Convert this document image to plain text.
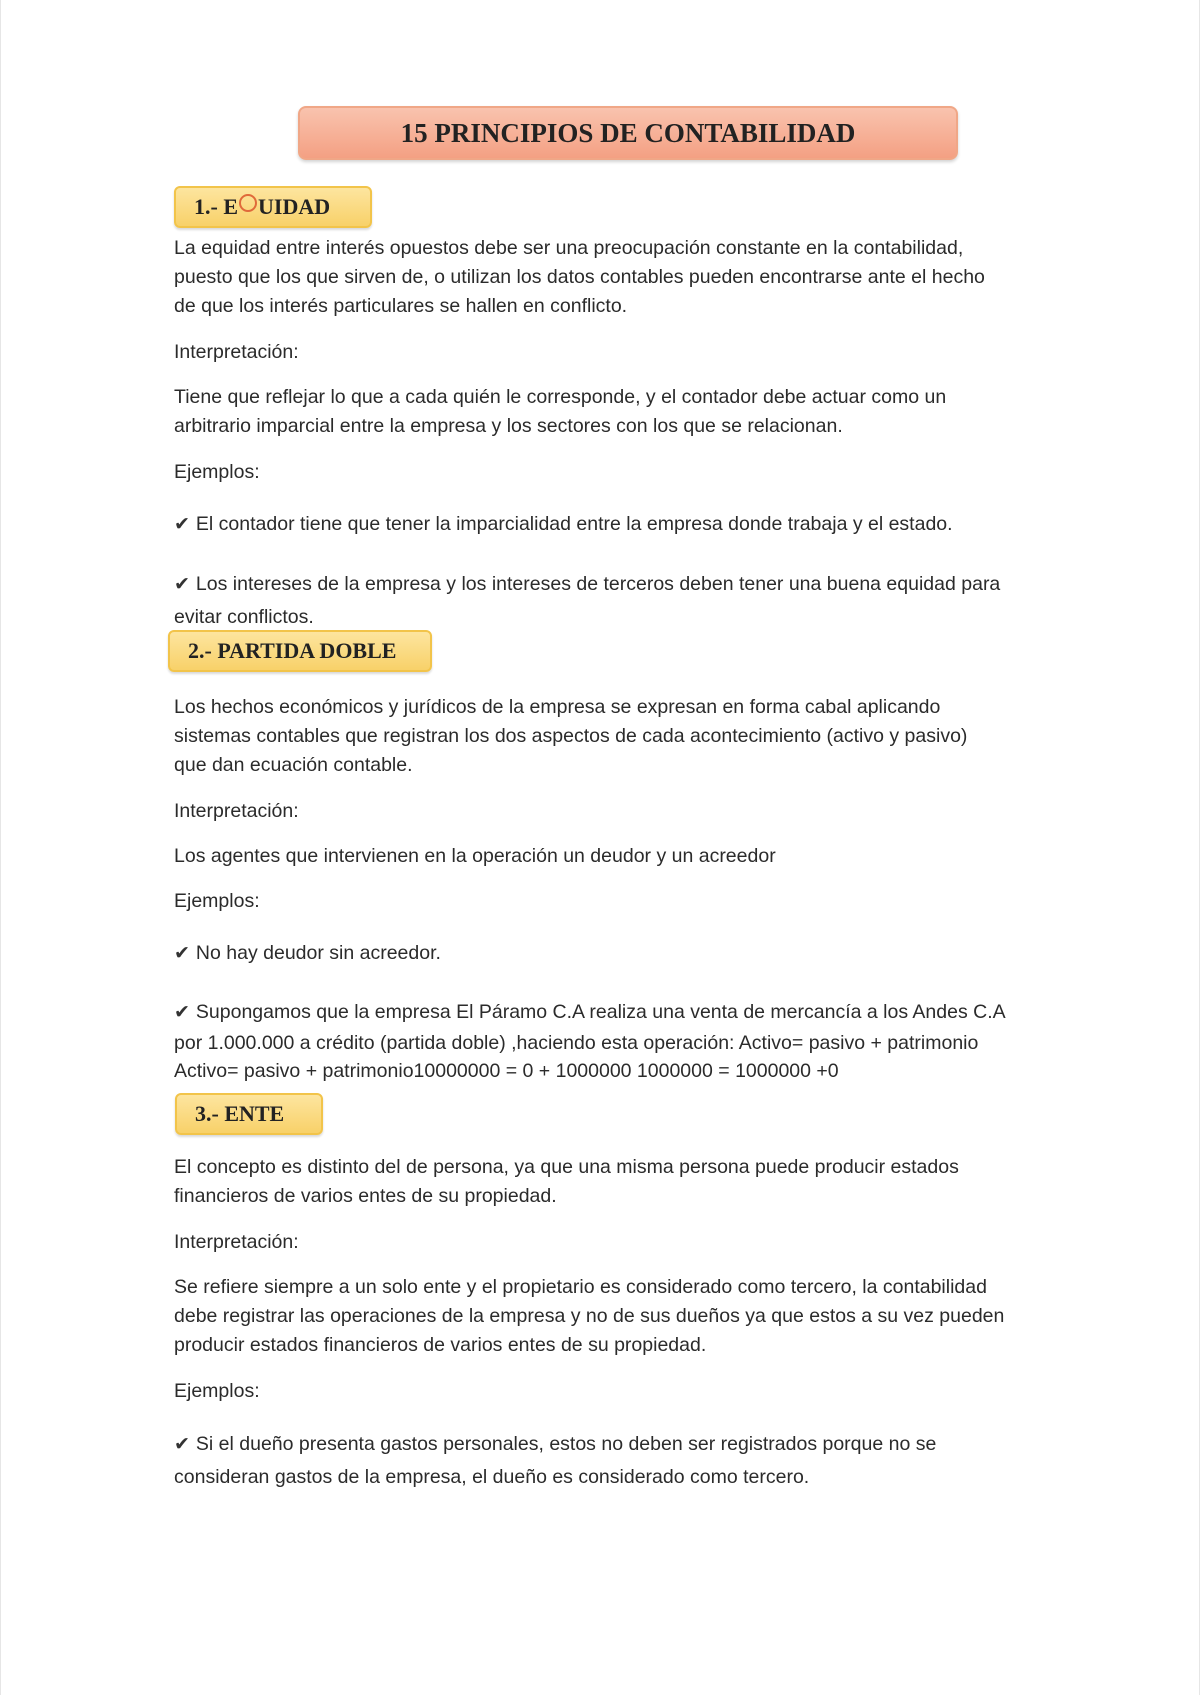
15 PRINCIPIOS DE CONTABILIDAD
1.- E UIDAD

La equidad entre interés opuestos debe ser una preocupación constante en la contabilidad,
puesto que los que sirven de, o utilizan los datos contables pueden encontrarse ante el hecho
de que los interés particulares se hallen en conflicto.

Interpretación:

Tiene que reflejar lo que a cada quién le corresponde, y el contador debe actuar como un
arbitrario imparcial entre la empresa y los sectores con los que se relacionan.

Ejemplos:

✔ El contador tiene que tener la imparcialidad entre la empresa donde trabaja y el estado.

✔ Los intereses de la empresa y los intereses de terceros deben tener una buena equidad para
evitar conflictos.

2.- PARTIDA DOBLE

Los hechos económicos y jurídicos de la empresa se expresan en forma cabal aplicando
sistemas contables que registran los dos aspectos de cada acontecimiento (activo y pasivo)
que dan ecuación contable.

Interpretación:

Los agentes que intervienen en la operación un deudor y un acreedor

Ejemplos:

✔ No hay deudor sin acreedor.

✔ Supongamos que la empresa El Páramo C.A realiza una venta de mercancía a los Andes C.A
por 1.000.000 a crédito (partida doble) ,haciendo esta operación: Activo= pasivo + patrimonio
Activo= pasivo + patrimonio10000000 = 0 + 1000000 1000000 = 1000000 +0

3.- ENTE

El concepto es distinto del de persona, ya que una misma persona puede producir estados
financieros de varios entes de su propiedad.

Interpretación:

Se refiere siempre a un solo ente y el propietario es considerado como tercero, la contabilidad
debe registrar las operaciones de la empresa y no de sus dueños ya que estos a su vez pueden
producir estados financieros de varios entes de su propiedad.

Ejemplos:

✔ Si el dueño presenta gastos personales, estos no deben ser registrados porque no se
consideran gastos de la empresa, el dueño es considerado como tercero.
